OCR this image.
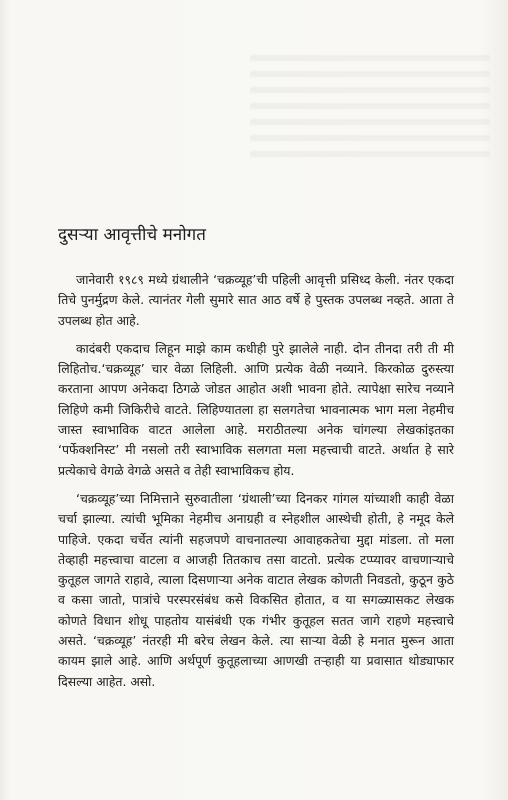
दुसऱ्या आवृत्तीचे मनोगत

जानेवारी १९८९ मध्ये ग्रंथालीने ‘चक्रव्यूह’ची पहिली आवृत्ती प्रसिध्द केली. नंतर एकदा तिचे पुनर्मुद्रण केले. त्यानंतर गेली सुमारे सात आठ वर्षे हे पुस्तक उपलब्ध नव्हते. आता ते उपलब्ध होत आहे.

कादंबरी एकदाच लिहून माझे काम कधीही पुरे झालेले नाही. दोन तीनदा तरी ती मी लिहितोच.‘चक्रव्यूह’ चार वेळा लिहिली. आणि प्रत्येक वेळी नव्याने. किरकोळ दुरुस्त्या करताना आपण अनेकदा ठिगळे जोडत आहोत अशी भावना होते. त्यापेक्षा सारेच नव्याने लिहिणे कमी जिकिरीचे वाटते. लिहिण्यातला हा सलगतेचा भावनात्मक भाग मला नेहमीच जास्त स्वाभाविक वाटत आलेला आहे. मराठीतल्या अनेक चांगल्या लेखकांइतका ‘पर्फेक्शनिस्ट’ मी नसलो तरी स्वाभाविक सलगता मला महत्त्वाची वाटते. अर्थात हे सारे प्रत्येकाचे वेगळे वेगळे असते व तेही स्वाभाविकच होय.

‘चक्रव्यूह’च्या निमित्ताने सुरुवातीला ‘ग्रंथाली’च्या दिनकर गांगल यांच्याशी काही वेळा चर्चा झाल्या. त्यांची भूमिका नेहमीच अनाग्रही व स्नेहशील आस्थेची होती, हे नमूद केले पाहिजे. एकदा चर्चेत त्यांनी सहजपणे वाचनातल्या आवाहकतेचा मुद्दा मांडला. तो मला तेव्हाही महत्त्वाचा वाटला व आजही तितकाच तसा वाटतो. प्रत्येक टप्प्यावर वाचणाऱ्याचे कुतूहल जागते राहावे, त्याला दिसणाऱ्या अनेक वाटात लेखक कोणती निवडतो, कुठून कुठे व कसा जातो, पात्रांचे परस्परसंबंध कसे विकसित होतात, व या सगळ्यासकट लेखक कोणते विधान शोधू पाहतोय यासंबंधी एक गंभीर कुतूहल सतत जागे राहणे महत्त्वाचे असते. ‘चक्रव्यूह’ नंतरही मी बरेच लेखन केले. त्या साऱ्या वेळी हे मनात मुरून आता कायम झाले आहे. आणि अर्थपूर्ण कुतूहलाच्या आणखी तऱ्हाही या प्रवासात थोड्याफार दिसल्या आहेत. असो.
